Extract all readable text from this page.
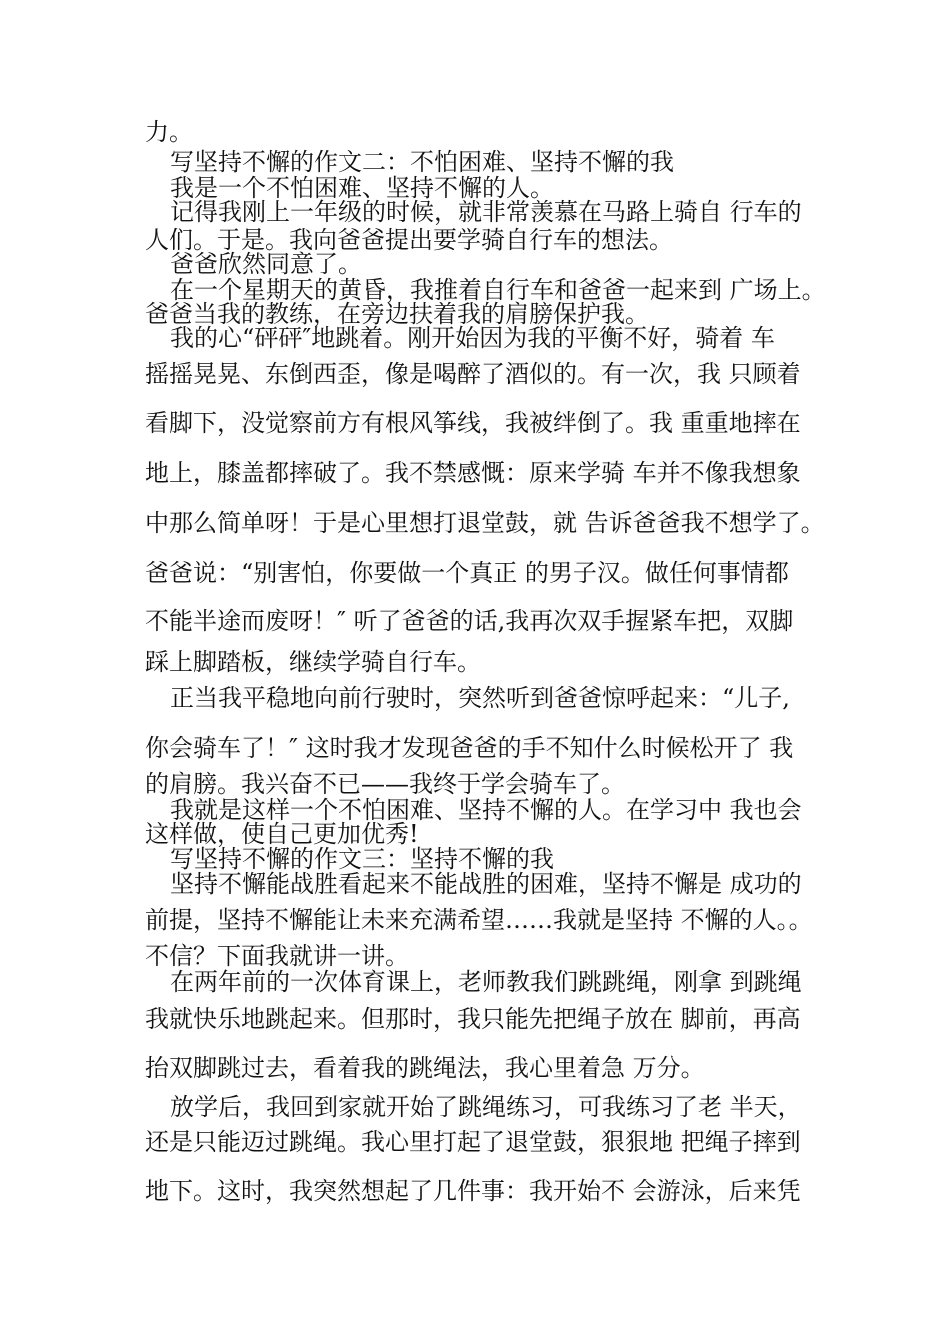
力。
写坚持不懈的作文二：不怕困难、坚持不懈的我
我是一个不怕困难、坚持不懈的人。
记得我刚上一年级的时候，就非常羡慕在马路上骑自 行车的
人们。于是。我向爸爸提出要学骑自行车的想法。
爸爸欣然同意了。
在一个星期天的黄昏，我推着自行车和爸爸一起来到 广场上。
爸爸当我的教练，在旁边扶着我的肩膀保护我。
我的心“砰砰″地跳着。刚开始因为我的平衡不好，骑着 车
摇摇晃晃、东倒西歪，像是喝醉了酒似的。有一次，我 只顾着
看脚下，没觉察前方有根风筝线，我被绊倒了。我 重重地摔在
地上，膝盖都摔破了。我不禁感慨：原来学骑 车并不像我想象
中那么简单呀！于是心里想打退堂鼓，就 告诉爸爸我不想学了。
爸爸说：“别害怕，你要做一个真正 的男子汉。做任何事情都
不能半途而废呀！″ 听了爸爸的话,我再次双手握紧车把，双脚
踩上脚踏板，继续学骑自行车。
正当我平稳地向前行驶时，突然听到爸爸惊呼起来：“儿子,
你会骑车了！″ 这时我才发现爸爸的手不知什么时候松开了 我
的肩膀。我兴奋不已——我终于学会骑车了。
我就是这样一个不怕困难、坚持不懈的人。在学习中 我也会
这样做，使自己更加优秀!
写坚持不懈的作文三：坚持不懈的我
坚持不懈能战胜看起来不能战胜的困难，坚持不懈是 成功的
前提，坚持不懈能让未来充满希望……我就是坚持 不懈的人。。
不信？下面我就讲一讲。
在两年前的一次体育课上，老师教我们跳跳绳，刚拿 到跳绳
我就快乐地跳起来。但那时，我只能先把绳子放在 脚前，再高
抬双脚跳过去，看着我的跳绳法，我心里着急 万分。
放学后，我回到家就开始了跳绳练习，可我练习了老 半天，
还是只能迈过跳绳。我心里打起了退堂鼓，狠狠地 把绳子摔到
地下。这时，我突然想起了几件事：我开始不 会游泳，后来凭
